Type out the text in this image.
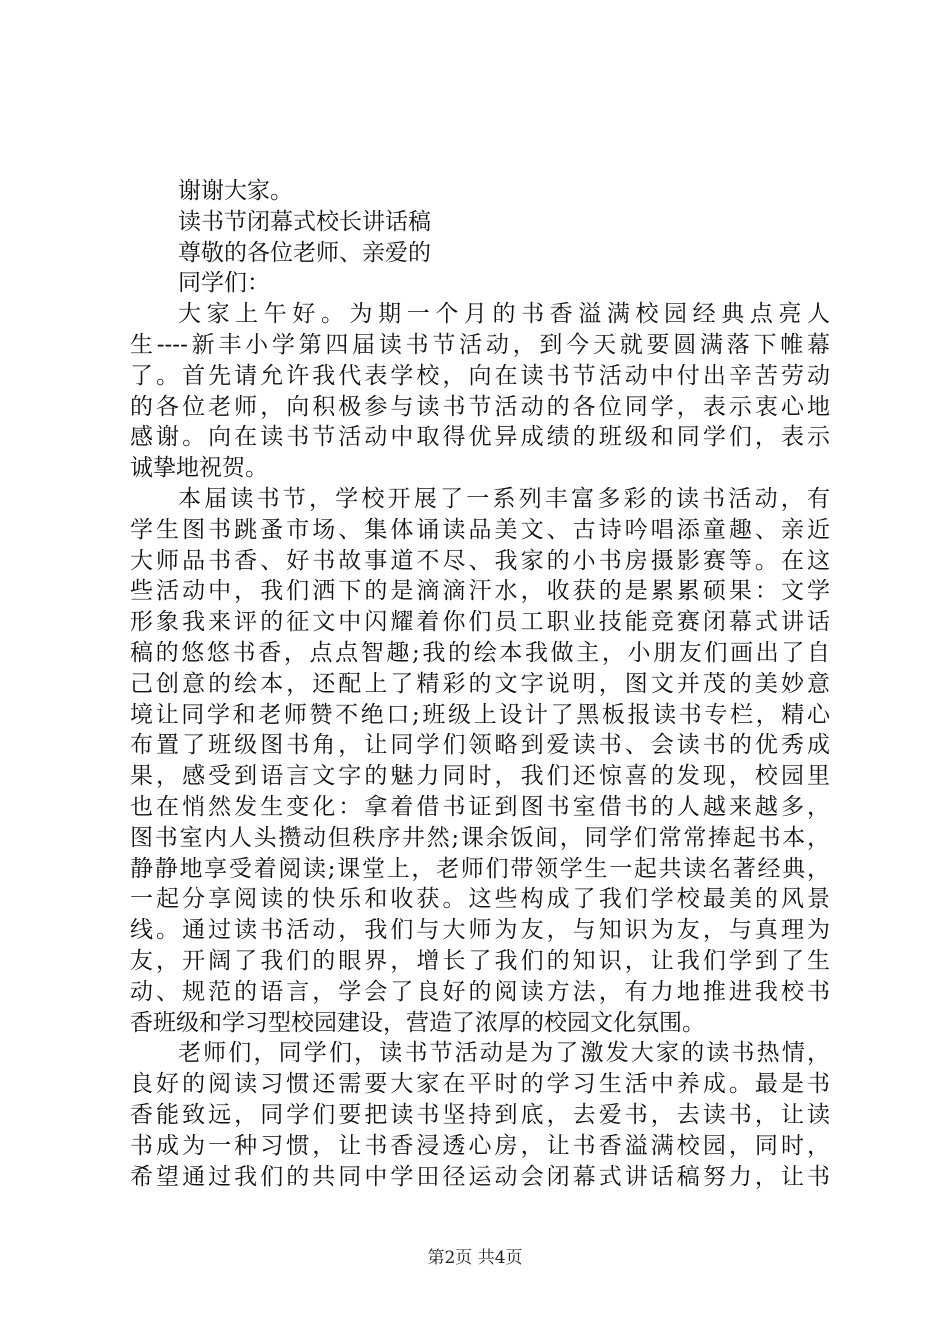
谢谢大家。

读书节闭幕式校长讲话稿

尊敬的各位老师、亲爱的

同学们：

大家上午好。为期一个月的书香溢满校园经典点亮人

生----新丰小学第四届读书节活动，到今天就要圆满落下帷幕

了。首先请允许我代表学校，向在读书节活动中付出辛苦劳动

的各位老师，向积极参与读书节活动的各位同学，表示衷心地

感谢。向在读书节活动中取得优异成绩的班级和同学们，表示

诚挚地祝贺。

本届读书节，学校开展了一系列丰富多彩的读书活动，有

学生图书跳蚤市场、集体诵读品美文、古诗吟唱添童趣、亲近

大师品书香、好书故事道不尽、我家的小书房摄影赛等。在这

些活动中，我们洒下的是滴滴汗水，收获的是累累硕果：文学

形象我来评的征文中闪耀着你们员工职业技能竞赛闭幕式讲话

稿的悠悠书香，点点智趣;我的绘本我做主，小朋友们画出了自

己创意的绘本，还配上了精彩的文字说明，图文并茂的美妙意

境让同学和老师赞不绝口;班级上设计了黑板报读书专栏，精心

布置了班级图书角，让同学们领略到爱读书、会读书的优秀成

果，感受到语言文字的魅力同时，我们还惊喜的发现，校园里

也在悄然发生变化：拿着借书证到图书室借书的人越来越多，

图书室内人头攒动但秩序井然;课余饭间，同学们常常捧起书本，

静静地享受着阅读;课堂上，老师们带领学生一起共读名著经典，

一起分享阅读的快乐和收获。这些构成了我们学校最美的风景

线。通过读书活动，我们与大师为友，与知识为友，与真理为

友，开阔了我们的眼界，增长了我们的知识，让我们学到了生

动、规范的语言，学会了良好的阅读方法，有力地推进我校书

香班级和学习型校园建设，营造了浓厚的校园文化氛围。

老师们，同学们，读书节活动是为了激发大家的读书热情，

良好的阅读习惯还需要大家在平时的学习生活中养成。最是书

香能致远，同学们要把读书坚持到底，去爱书，去读书，让读

书成为一种习惯，让书香浸透心房，让书香溢满校园，同时，

希望通过我们的共同中学田径运动会闭幕式讲话稿努力，让书

第2页 共4页
